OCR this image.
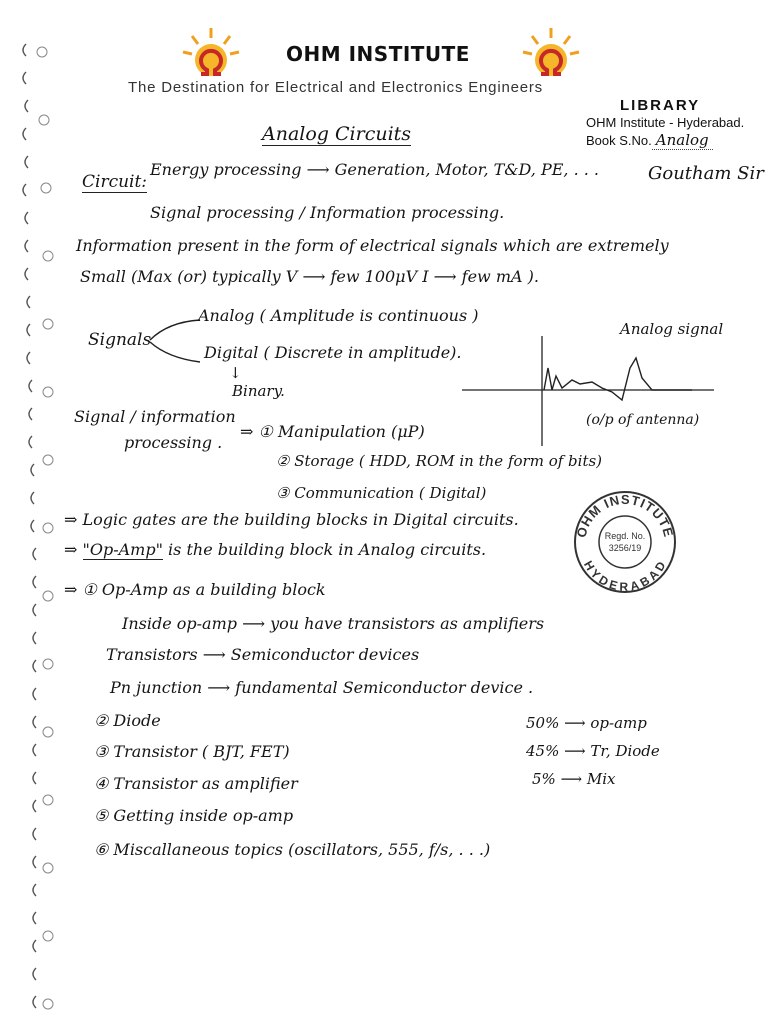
OHM INSTITUTE
The Destination for Electrical and Electronics Engineers
LIBRARY
OHM Institute - Hyderabad.
Book S.No. Analog
Analog Circuits
Circuit:
Energy processing ⟶ Generation, Motor, T&D, PE, . . .	Goutham Sir
Signal processing / Information processing.
Information present in the form of electrical signals which are extremely
Small (Max (or) typically V ⟶ few 100μV I ⟶ few mA ).
Signals
Analog ( Amplitude is continuous )
Digital ( Discrete in amplitude).
↓
Binary.
Analog signal
(o/p of antenna)
Signal / information
processing .
⇒ ① Manipulation (μP)
② Storage ( HDD, ROM in the form of bits)
③ Communication ( Digital)
OHM INSTITUTE
HYDERABAD
Regd. No.
3256/19
⇒ Logic gates are the building blocks in Digital circuits.
⇒ "Op-Amp" is the building block in Analog circuits.
⇒ ① Op-Amp as a building block
Inside op-amp ⟶ you have transistors as amplifiers
Transistors ⟶ Semiconductor devices
Pn junction ⟶ fundamental Semiconductor device .
② Diode
③ Transistor ( BJT, FET)
④ Transistor as amplifier
⑤ Getting inside op-amp
⑥ Miscallaneous topics (oscillators, 555, f/s, . . .)
50% ⟶ op-amp
45% ⟶ Tr, Diode
5% ⟶ Mix
